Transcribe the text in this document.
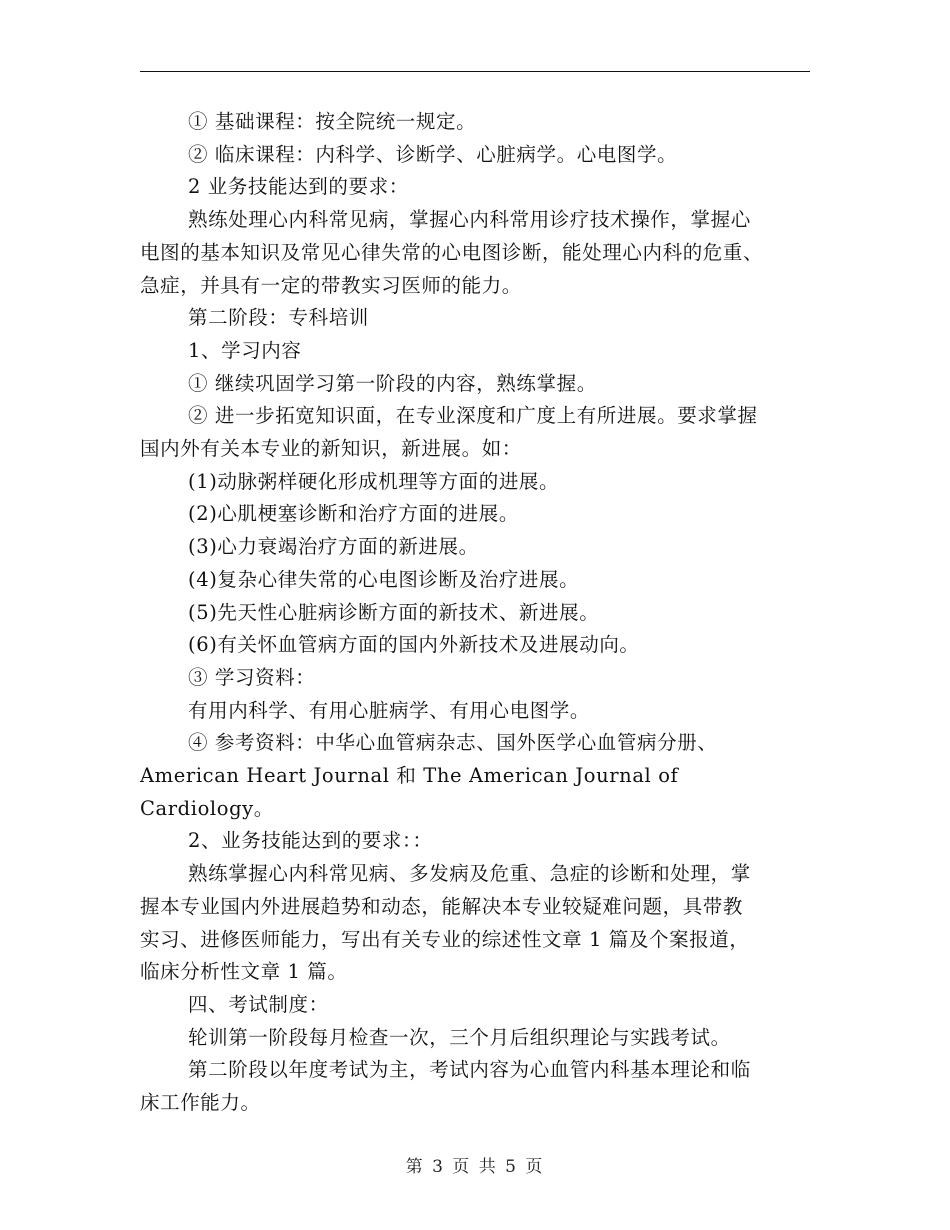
① 基础课程：按全院统一规定。

② 临床课程：内科学、诊断学、心脏病学。心电图学。

2 业务技能达到的要求：

熟练处理心内科常见病，掌握心内科常用诊疗技术操作，掌握心

电图的基本知识及常见心律失常的心电图诊断，能处理心内科的危重、

急症，并具有一定的带教实习医师的能力。

第二阶段：专科培训

1、学习内容

① 继续巩固学习第一阶段的内容，熟练掌握。

② 进一步拓宽知识面，在专业深度和广度上有所进展。要求掌握

国内外有关本专业的新知识，新进展。如：

(1)动脉粥样硬化形成机理等方面的进展。

(2)心肌梗塞诊断和治疗方面的进展。

(3)心力衰竭治疗方面的新进展。

(4)复杂心律失常的心电图诊断及治疗进展。

(5)先天性心脏病诊断方面的新技术、新进展。

(6)有关怀血管病方面的国内外新技术及进展动向。

③ 学习资料：

有用内科学、有用心脏病学、有用心电图学。

④ 参考资料：中华心血管病杂志、国外医学心血管病分册、

American Heart Journal 和 The American Journal of

Cardiology。

2、业务技能达到的要求：：

熟练掌握心内科常见病、多发病及危重、急症的诊断和处理，掌

握本专业国内外进展趋势和动态，能解决本专业较疑难问题，具带教

实习、进修医师能力，写出有关专业的综述性文章 1 篇及个案报道，

临床分析性文章 1 篇。

四、考试制度：

轮训第一阶段每月检查一次，三个月后组织理论与实践考试。

第二阶段以年度考试为主，考试内容为心血管内科基本理论和临

床工作能力。

第 3 页 共 5 页
